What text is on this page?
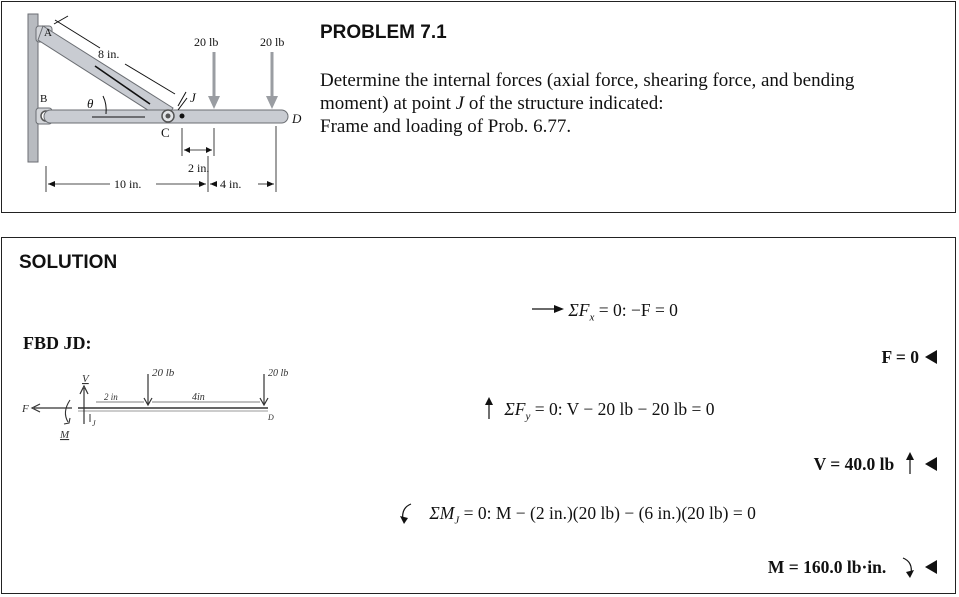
A
B
C
D
J
θ
8 in.
20 lb	20 lb
2 in.
10 in.	4 in.
PROBLEM 7.1
Determine the internal forces (axial force, shearing force, and bending
moment) at point J of the structure indicated:
Frame and loading of Prob. 6.77.
SOLUTION
FBD JD:
20 lb	20 lb
2 in	4in
V
F
M
J
D
$\Sigma F_x = 0$: −F = 0
F = 0
$\Sigma F_y = 0$: V − 20 lb − 20 lb = 0
V = 40.0 lb
$\Sigma M_J = 0$: M − (2 in.)(20 lb) − (6 in.)(20 lb) = 0
M = 160.0 lb·in.
